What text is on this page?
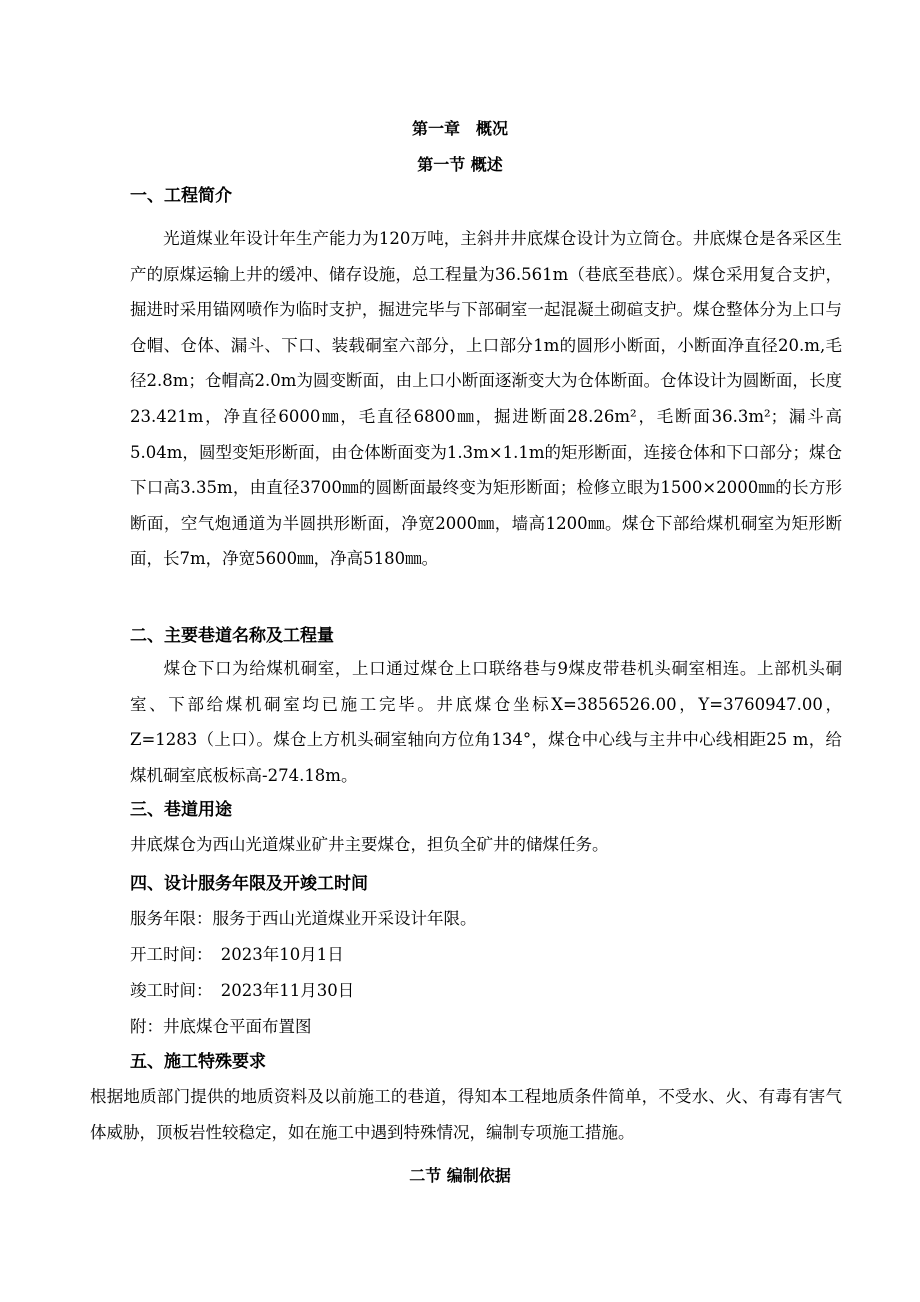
第一章　概况
第一节 概述
一、工程简介

光道煤业年设计年生产能力为120万吨，主斜井井底煤仓设计为立筒仓。井底煤仓是各采区生产的原煤运输上井的缓冲、储存设施，总工程量为36.561m（巷底至巷底）。煤仓采用复合支护，掘进时采用锚网喷作为临时支护，掘进完毕与下部硐室一起混凝土砌碹支护。煤仓整体分为上口与仓帽、仓体、漏斗、下口、装载硐室六部分，上口部分1m的圆形小断面，小断面净直径20.m,毛径2.8m；仓帽高2.0m为圆变断面，由上口小断面逐渐变大为仓体断面。仓体设计为圆断面，长度23.421m，净直径6000㎜，毛直径6800㎜，掘进断面28.26m²，毛断面36.3m²；漏斗高5.04m，圆型变矩形断面，由仓体断面变为1.3m×1.1m的矩形断面，连接仓体和下口部分；煤仓下口高3.35m，由直径3700㎜的圆断面最终变为矩形断面；检修立眼为1500×2000㎜的长方形断面，空气炮通道为半圆拱形断面，净宽2000㎜，墙高1200㎜。煤仓下部给煤机硐室为矩形断面，长7m，净宽5600㎜，净高5180㎜。

二、主要巷道名称及工程量

煤仓下口为给煤机硐室，上口通过煤仓上口联络巷与9煤皮带巷机头硐室相连。上部机头硐室、下部给煤机硐室均已施工完毕。井底煤仓坐标X=3856526.00，Y=3760947.00，Z=1283（上口）。煤仓上方机头硐室轴向方位角134°，煤仓中心线与主井中心线相距25 m，给煤机硐室底板标高-274.18m。

三、巷道用途
井底煤仓为西山光道煤业矿井主要煤仓，担负全矿井的储煤任务。
四、设计服务年限及开竣工时间
服务年限：服务于西山光道煤业开采设计年限。
开工时间：　2023年10月1日
竣工时间：　2023年11月30日
附：井底煤仓平面布置图
五、施工特殊要求

根据地质部门提供的地质资料及以前施工的巷道，得知本工程地质条件简单，不受水、火、有毒有害气体威胁，顶板岩性较稳定，如在施工中遇到特殊情况，编制专项施工措施。

二节 编制依据
